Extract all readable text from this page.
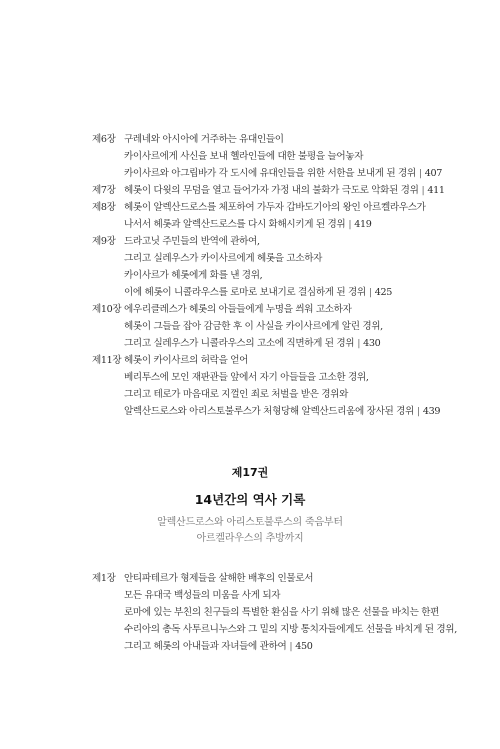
제6장 구레네와 아시아에 거주하는 유대인들이
카이사르에게 사신을 보내 헬라인들에 대한 불평을 늘어놓자
카이사르와 아그립바가 각 도시에 유대인들을 위한 서한을 보내게 된 경위 | 407
제7장 헤롯이 다윗의 무덤을 열고 들어가자 가정 내의 불화가 극도로 악화된 경위 | 411
제8장 헤롯이 알렉산드로스를 체포하여 가두자 갑바도기아의 왕인 아르켈라우스가
나서서 헤롯과 알렉산드로스를 다시 화해시키게 된 경위 | 419
제9장 드라고닛 주민들의 반역에 관하여,
그리고 실레우스가 카이사르에게 헤롯을 고소하자
카이사르가 헤롯에게 화를 낸 경위,
이에 헤롯이 니콜라우스를 로마로 보내기로 결심하게 된 경위 | 425
제10장 에우리클레스가 헤롯의 아들들에게 누명을 씌워 고소하자
헤롯이 그들을 잡아 감금한 후 이 사실을 카이사르에게 알린 경위,
그리고 실레우스가 니콜라우스의 고소에 직면하게 된 경위 | 430
제11장 헤롯이 카이사르의 허락을 얻어
베리투스에 모인 재판관들 앞에서 자기 아들들을 고소한 경위,
그리고 테로가 마음대로 지껄인 죄로 처벌을 받은 경위와
알렉산드로스와 아리스토불루스가 처형당해 알렉산드리움에 장사된 경위 | 439
제17권
14년간의 역사 기록
알렉산드로스와 아리스토불루스의 죽음부터
아르켈라우스의 추방까지
제1장 안티파테르가 형제들을 살해한 배후의 인물로서
모든 유대국 백성들의 미움을 사게 되자
로마에 있는 부친의 친구들의 특별한 환심을 사기 위해 많은 선물을 바치는 한편
수리아의 총독 사투르니누스와 그 밑의 지방 통치자들에게도 선물을 바치게 된 경위,
그리고 헤롯의 아내들과 자녀들에 관하여 | 450
